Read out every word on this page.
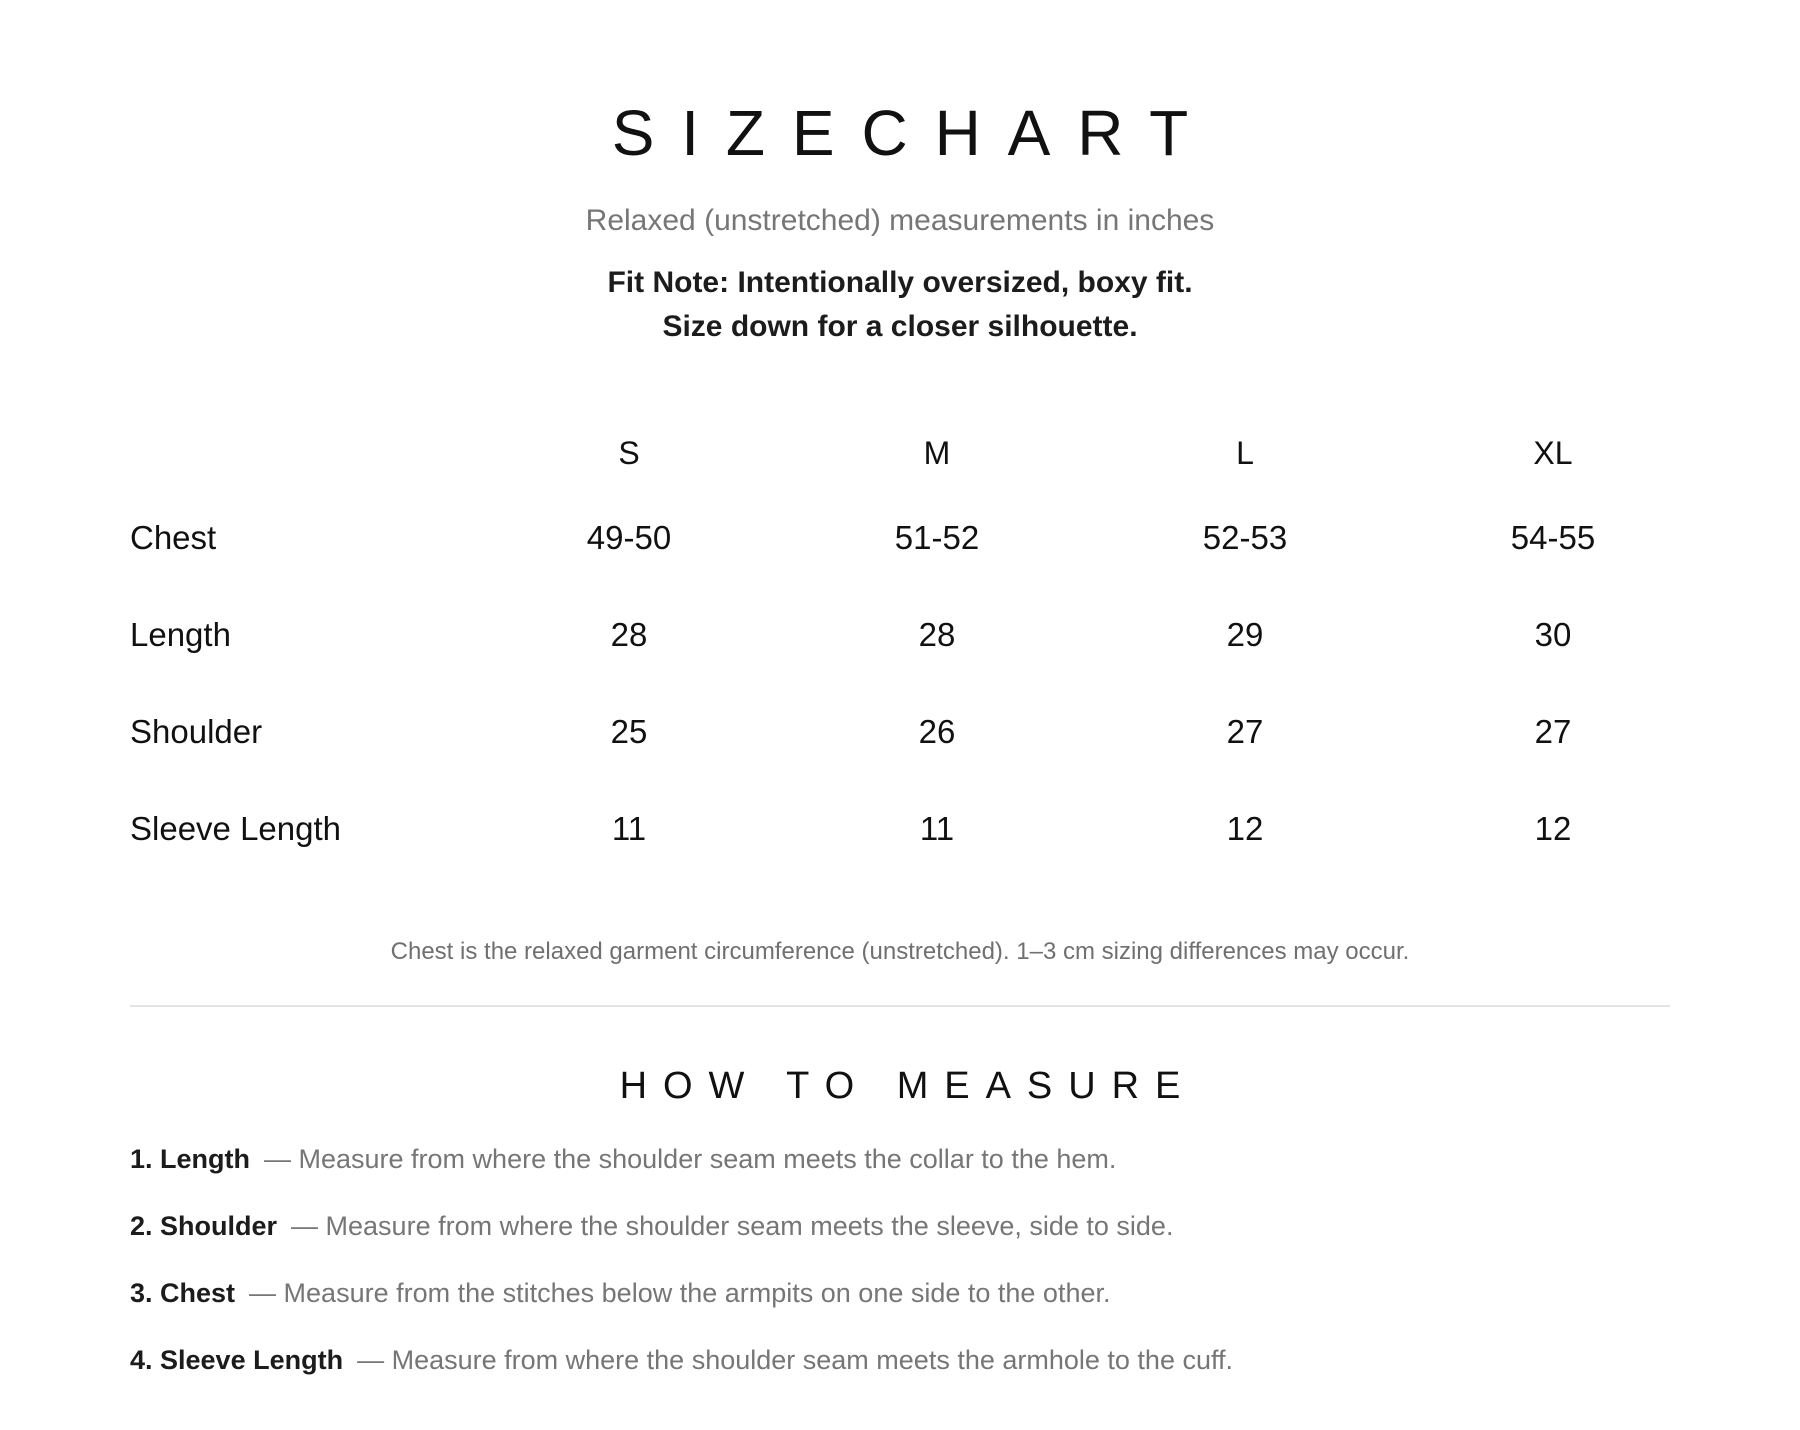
SIZECHART

Relaxed (unstretched) measurements in inches

Fit Note: Intentionally oversized, boxy fit.
Size down for a closer silhouette.

	S	M	L	XL
Chest	49-50	51-52	52-53	54-55
Length	28	28	29	30
Shoulder	25	26	27	27
Sleeve Length	11	11	12	12

Chest is the relaxed garment circumference (unstretched). 1–3 cm sizing differences may occur.

HOW TO MEASURE
1. Length — Measure from where the shoulder seam meets the collar to the hem.
2. Shoulder — Measure from where the shoulder seam meets the sleeve, side to side.
3. Chest — Measure from the stitches below the armpits on one side to the other.
4. Sleeve Length — Measure from where the shoulder seam meets the armhole to the cuff.
